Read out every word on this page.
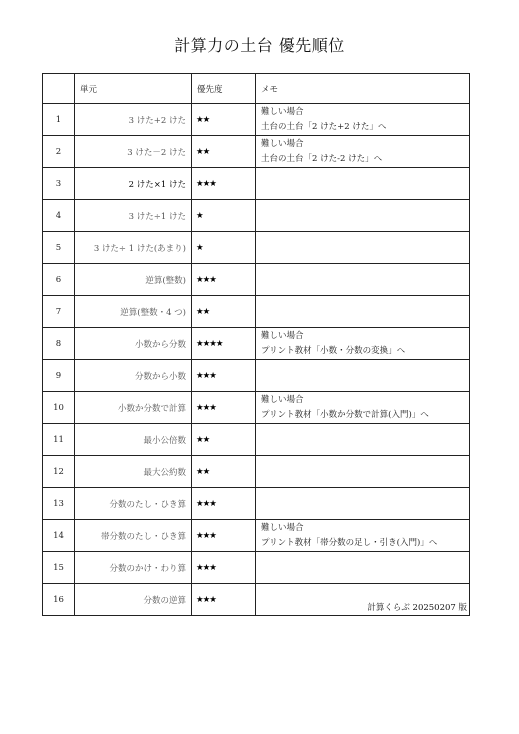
計算力の土台 優先順位
	単元	優先度	メモ
1	3 けた+2 けた	★★	難しい場合
土台の土台「2 けた+2 けた」へ

2	3 けた－2 けた	★★	難しい場合
土台の土台「2 けた-2 けた」へ

3	2 けた×1 けた	★★★	

4	3 けた÷1 けた	★	

5	3 けた÷ 1 けた(あまり)	★	

6	逆算(整数)	★★★	

7	逆算(整数・4 つ)	★★	

8	小数から分数	★★★★	難しい場合
プリント教材「小数・分数の変換」へ

9	分数から小数	★★★	

10	小数か分数で計算	★★★	難しい場合
プリント教材「小数か分数で計算(入門)」へ

11	最小公倍数	★★	

12	最大公約数	★★	

13	分数のたし・ひき算	★★★	

14	帯分数のたし・ひき算	★★★	難しい場合
プリント教材「帯分数の足し・引き(入門)」へ

15	分数のかけ・わり算	★★★	

16	分数の逆算	★★★	
計算くらぶ 20250207 版
